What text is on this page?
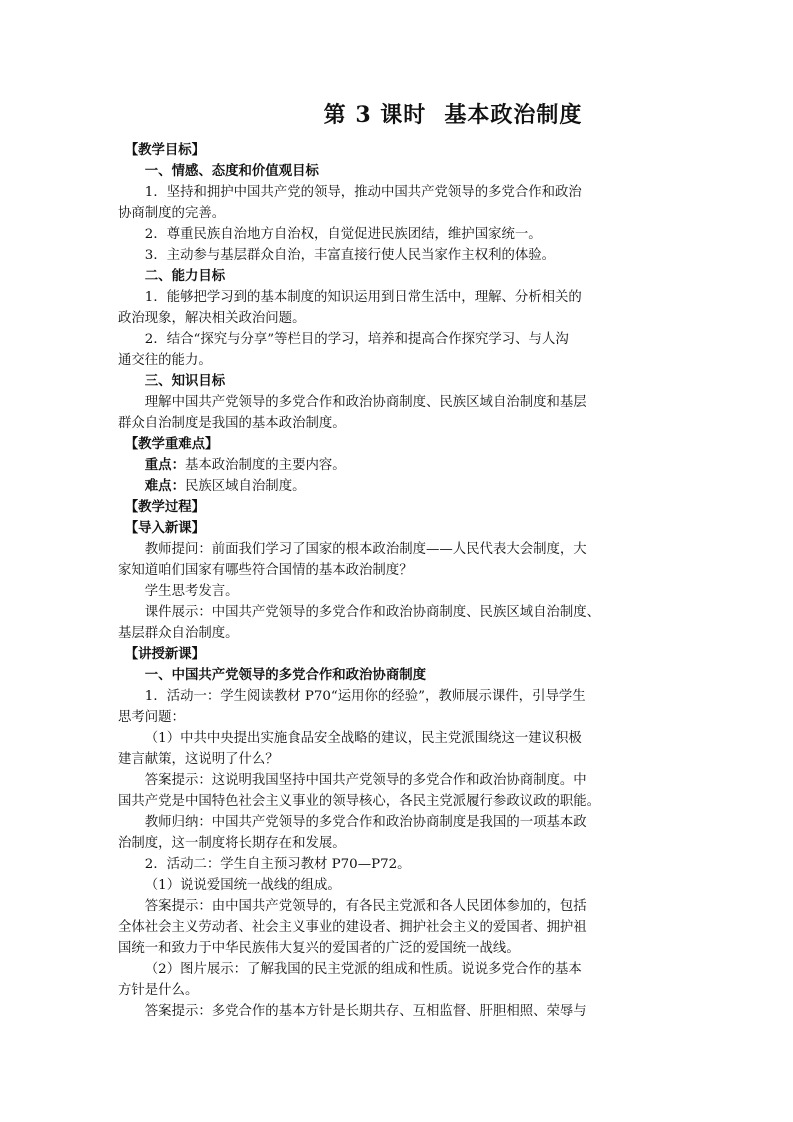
第 3 课时 基本政治制度

【教学目标】

一、情感、态度和价值观目标

1．坚持和拥护中国共产党的领导，推动中国共产党领导的多党合作和政治

协商制度的完善。

2．尊重民族自治地方自治权，自觉促进民族团结，维护国家统一。

3．主动参与基层群众自治，丰富直接行使人民当家作主权利的体验。

二、能力目标

1．能够把学习到的基本制度的知识运用到日常生活中，理解、分析相关的

政治现象，解决相关政治问题。

2．结合“探究与分享”等栏目的学习，培养和提高合作探究学习、与人沟

通交往的能力。

三、知识目标

理解中国共产党领导的多党合作和政治协商制度、民族区域自治制度和基层

群众自治制度是我国的基本政治制度。

【教学重难点】

重点：基本政治制度的主要内容。

难点：民族区域自治制度。

【教学过程】

【导入新课】

教师提问：前面我们学习了国家的根本政治制度——人民代表大会制度，大

家知道咱们国家有哪些符合国情的基本政治制度？

学生思考发言。

课件展示：中国共产党领导的多党合作和政治协商制度、民族区域自治制度、

基层群众自治制度。

【讲授新课】

一、中国共产党领导的多党合作和政治协商制度

1．活动一：学生阅读教材 P70“运用你的经验”，教师展示课件，引导学生

思考问题：

（1）中共中央提出实施食品安全战略的建议，民主党派围绕这一建议积极

建言献策，这说明了什么？

答案提示：这说明我国坚持中国共产党领导的多党合作和政治协商制度。中

国共产党是中国特色社会主义事业的领导核心，各民主党派履行参政议政的职能。

教师归纳：中国共产党领导的多党合作和政治协商制度是我国的一项基本政

治制度，这一制度将长期存在和发展。

2．活动二：学生自主预习教材 P70—P72。

（1）说说爱国统一战线的组成。

答案提示：由中国共产党领导的，有各民主党派和各人民团体参加的，包括

全体社会主义劳动者、社会主义事业的建设者、拥护社会主义的爱国者、拥护祖

国统一和致力于中华民族伟大复兴的爱国者的广泛的爱国统一战线。

（2）图片展示：了解我国的民主党派的组成和性质。说说多党合作的基本

方针是什么。

答案提示：多党合作的基本方针是长期共存、互相监督、肝胆相照、荣辱与
